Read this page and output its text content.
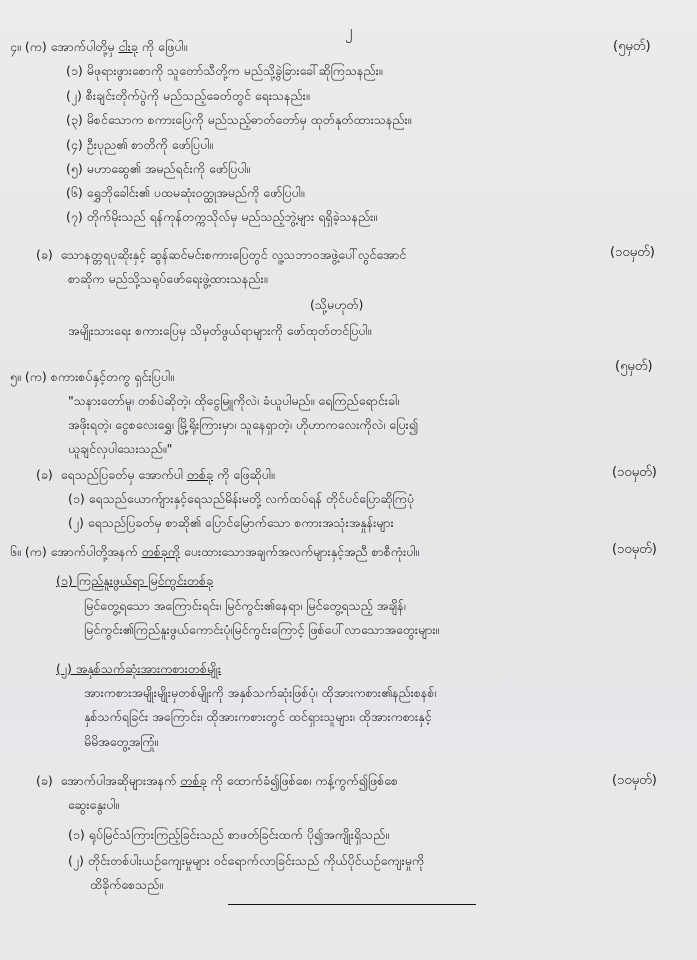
၂
၄။ (က) အောက်ပါတို့မှ ငါးခု ကို ဖြေပါ။	(၅မှတ်)
(၁) မိဖုရားဖွားစောကို သူတော်သီတို့က မည်သို့ခွဲခြားခေါ်ဆိုကြသနည်း။
(၂) စီးချင်းတိုက်ပွဲကို မည်သည့်ခေတ်တွင် ရေးသနည်း။
(၃) မိစင်သောက စကားပြေကို မည်သည့်ဓာတ်တော်မှ ထုတ်နုတ်ထားသနည်း။
(၄) ဦးပုည၏ စာတိကို ဖော်ပြပါ။
(၅) မဟာဆွေ၏ အမည်ရင်းကို ဖော်ပြပါ။
(၆) ရွှေဘိုခေါင်း၏ ပထမဆုံးဝတ္ထုအမည်ကို ဖော်ပြပါ။
(၇) တိုက်မိုးသည် ရန်ကုန်တက္ကသိုလ်မှ မည်သည့်ဘွဲ့များ ရရှိခဲ့သနည်း။
(ခ) သောနတ္တရပုဆိုးနှင့် ဆွန်ဆင်မင်းစကားပြေတွင် လူ့သဘာဝအဖွဲ့ပေါ်လွင်အောင်	(၁၀မှတ်)
စာဆိုက မည်သို့သရုပ်ဖော်ရေးဖွဲ့ထားသနည်း။
(သို့မဟုတ်)
အမျိုးသားရေး စကားပြေမှ သိမှတ်ဖွယ်ရာများကို ဖော်ထုတ်တင်ပြပါ။
၅။ (က) စကားစပ်နှင့်တကွ ရှင်းပြပါ။
(၅မှတ်)
"သနားတော်မူ၊ တစ်ပဲဆိုတဲ့၊ ထိုငွေမြူကိုလဲ၊ ခံယူပါမည်။ ရေကြည်ရောင်းခါ၊
အဖိုးရတဲ့၊ ငွေစလေးရွှေ၊ မြို့ရိုးကြားမှာ၊ သူနေရှာတဲ့၊ ဟိုဟာကလေးကိုလဲ၊ ပြေး၍
ယူချင်လှပါသေးသည်။"
(ခ) ရေသည်ပြခတ်မှ အောက်ပါ တစ်ခု ကို ဖြေဆိုပါ။	(၁၀မှတ်)
(၁) ရေသည်ယောက်ျားနှင့်ရေသည်မိန်းမတို့ လက်ထပ်ရန် တိုင်ပင်ပြောဆိုကြပုံ
(၂) ရေသည်ပြခတ်မှ စာဆို၏ ပြောင်မြောက်သော စကားအသုံးအနှုန်းများ
၆။ (က) အောက်ပါတို့အနက် တစ်ခုကို ပေးထားသောအချက်အလက်များနှင့်အညီ စာစီကုံးပါ။	(၁၀မှတ်)
(၁) ကြည်နူးဖွယ်ရာ မြင်ကွင်းတစ်ခု
မြင်တွေ့ရသော အကြောင်းရင်း၊ မြင်ကွင်း၏နေရာ၊ မြင်တွေ့ရသည့် အချိန်၊
မြင်ကွင်း၏ကြည်နူးဖွယ်ကောင်းပုံ၊မြင်ကွင်းကြောင့် ဖြစ်ပေါ်လာသောအတွေးများ။
(၂) အနှစ်သက်ဆုံးအားကစားတစ်မျိုး
အားကစားအမျိုးမျိုးမှတစ်မျိုးကို အနှစ်သက်ဆုံးဖြစ်ပုံ၊ ထိုအားကစား၏နည်းစနစ်၊
နှစ်သက်ရခြင်း အကြောင်း၊ ထိုအားကစားတွင် ထင်ရှားသူများ၊ ထိုအားကစားနှင့်
မိမိအတွေ့အကြုံ။
(ခ) အောက်ပါအဆိုများအနက် တစ်ခု ကို ထောက်ခံ၍ဖြစ်စေ၊ ကန့်ကွက်၍ဖြစ်စေ	(၁၀မှတ်)
ဆွေးနွေးပါ။
(၁) ရုပ်မြင်သံကြားကြည့်ခြင်းသည် စာဖတ်ခြင်းထက် ပို၍အကျိုးရှိသည်။
(၂) တိုင်းတစ်ပါးယဉ်ကျေးမှုများ ဝင်ရောက်လာခြင်းသည် ကိုယ်ပိုင်ယဉ်ကျေးမှုကို
ထိခိုက်စေသည်။
